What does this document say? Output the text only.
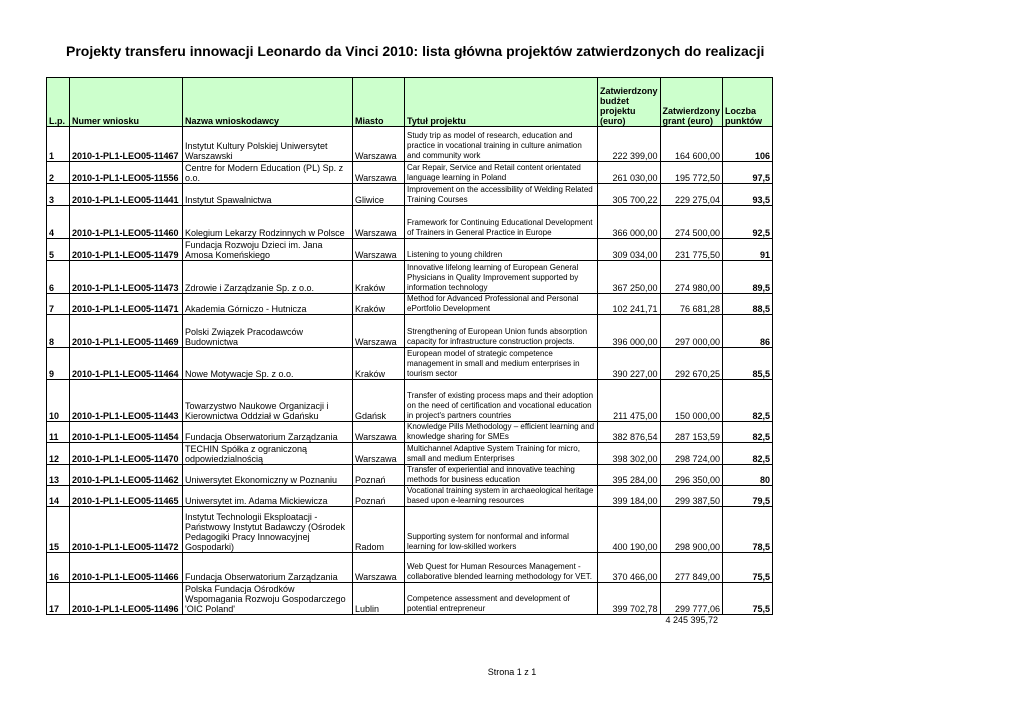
Projekty transferu innowacji Leonardo da Vinci 2010: lista główna projektów zatwierdzonych do realizacji
L.p.	Numer wniosku	Nazwa wnioskodawcy	Miasto	Tytuł projektu	Zatwierdzony budżet projektu (euro)	Zatwierdzony grant (euro)	Loczba punktów
1	2010-1-PL1-LEO05-11467	Instytut Kultury Polskiej Uniwersytet Warszawski	Warszawa	Study trip as model of research, education and practice in vocational training in culture animation and community work	222 399,00	164 600,00	106
2	2010-1-PL1-LEO05-11556	Centre for Modern Education (PL) Sp. z o.o.	Warszawa	Car Repair, Service and Retail content orientated language learning in Poland	261 030,00	195 772,50	97,5
3	2010-1-PL1-LEO05-11441	Instytut Spawalnictwa	Gliwice	Improvement on the accessibility of Welding Related Training Courses	305 700,22	229 275,04	93,5
4	2010-1-PL1-LEO05-11460	Kolegium Lekarzy Rodzinnych w Polsce	Warszawa	Framework for Continuing Educational Development of Trainers in General Practice in Europe	366 000,00	274 500,00	92,5
5	2010-1-PL1-LEO05-11479	Fundacja Rozwoju Dzieci im. Jana Amosa Komeńskiego	Warszawa	Listening to young children	309 034,00	231 775,50	91
6	2010-1-PL1-LEO05-11473	Zdrowie i Zarządzanie Sp. z o.o.	Kraków	Innovative lifelong learning of European General Physicians in Quality Improvement supported by information technology	367 250,00	274 980,00	89,5
7	2010-1-PL1-LEO05-11471	Akademia Górniczo - Hutnicza	Kraków	Method for Advanced Professional and Personal ePortfolio Development	102 241,71	76 681,28	88,5
8	2010-1-PL1-LEO05-11469	Polski Związek Pracodawców Budownictwa	Warszawa	Strengthening of European Union funds absorption capacity for infrastructure construction projects.	396 000,00	297 000,00	86
9	2010-1-PL1-LEO05-11464	Nowe Motywacje Sp. z o.o.	Kraków	European model of strategic competence management in small and medium enterprises in tourism sector	390 227,00	292 670,25	85,5
10	2010-1-PL1-LEO05-11443	Towarzystwo Naukowe Organizacji i Kierownictwa Oddział w Gdańsku	Gdańsk	Transfer of existing process maps and their adoption on the need of certification and vocational education in project's partners countries	211 475,00	150 000,00	82,5
11	2010-1-PL1-LEO05-11454	Fundacja Obserwatorium Zarządzania	Warszawa	Knowledge Pills Methodology – efficient learning and knowledge sharing for SMEs	382 876,54	287 153,59	82,5
12	2010-1-PL1-LEO05-11470	TECHIN Spółka z ograniczoną odpowiedzialnością	Warszawa	Multichannel Adaptive System Training for micro, small and medium Enterprises	398 302,00	298 724,00	82,5
13	2010-1-PL1-LEO05-11462	Uniwersytet Ekonomiczny w Poznaniu	Poznań	Transfer of experiential and innovative teaching methods for business education	395 284,00	296 350,00	80
14	2010-1-PL1-LEO05-11465	Uniwersytet im. Adama Mickiewicza	Poznań	Vocational training system in archaeological heritage based upon e-learning resources	399 184,00	299 387,50	79,5
15	2010-1-PL1-LEO05-11472	Instytut Technologii Eksploatacji - Państwowy Instytut Badawczy (Ośrodek Pedagogiki Pracy Innowacyjnej Gospodarki)	Radom	Supporting system for nonformal and informal learning for low-skilled workers	400 190,00	298 900,00	78,5
16	2010-1-PL1-LEO05-11466	Fundacja Obserwatorium Zarządzania	Warszawa	Web Quest for Human Resources Management - collaborative blended learning methodology for VET.	370 466,00	277 849,00	75,5
17	2010-1-PL1-LEO05-11496	Polska Fundacja Ośrodków Wspomagania Rozwoju Gospodarczego 'OIC Poland'	Lublin	Competence assessment and development of potential entrepreneur	399 702,78	299 777,06	75,5
4 245 395,72
Strona 1 z 1
